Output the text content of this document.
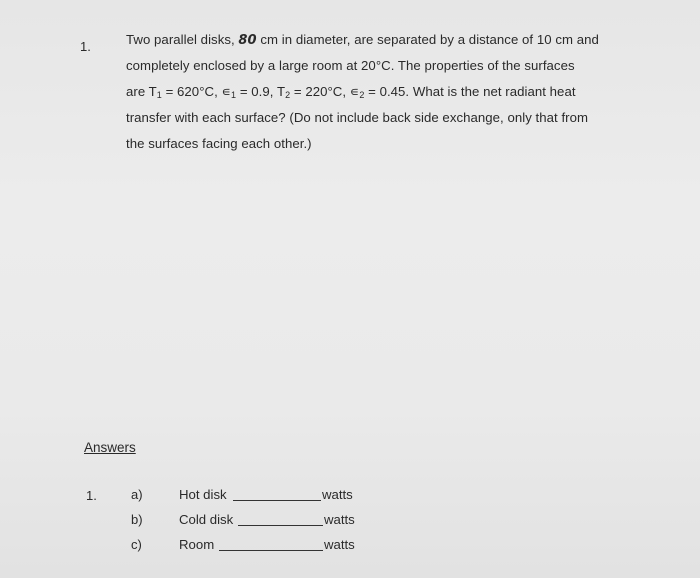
1.	Two parallel disks, 80 cm in diameter, are separated by a distance of 10 cm and
completely enclosed by a large room at 20°C. The properties of the surfaces
are $T_1 = 620^\circ C$, $∊_1 = 0.9$, $T_2 = 220^\circ C$, $∊_2 = 0.45$. What is the net radiant heat
transfer with each surface? (Do not include back side exchange, only that from
the surfaces facing each other.)
Answers
1.	a)	Hot disk	watts
b)	Cold disk	watts
c)	Room	watts
